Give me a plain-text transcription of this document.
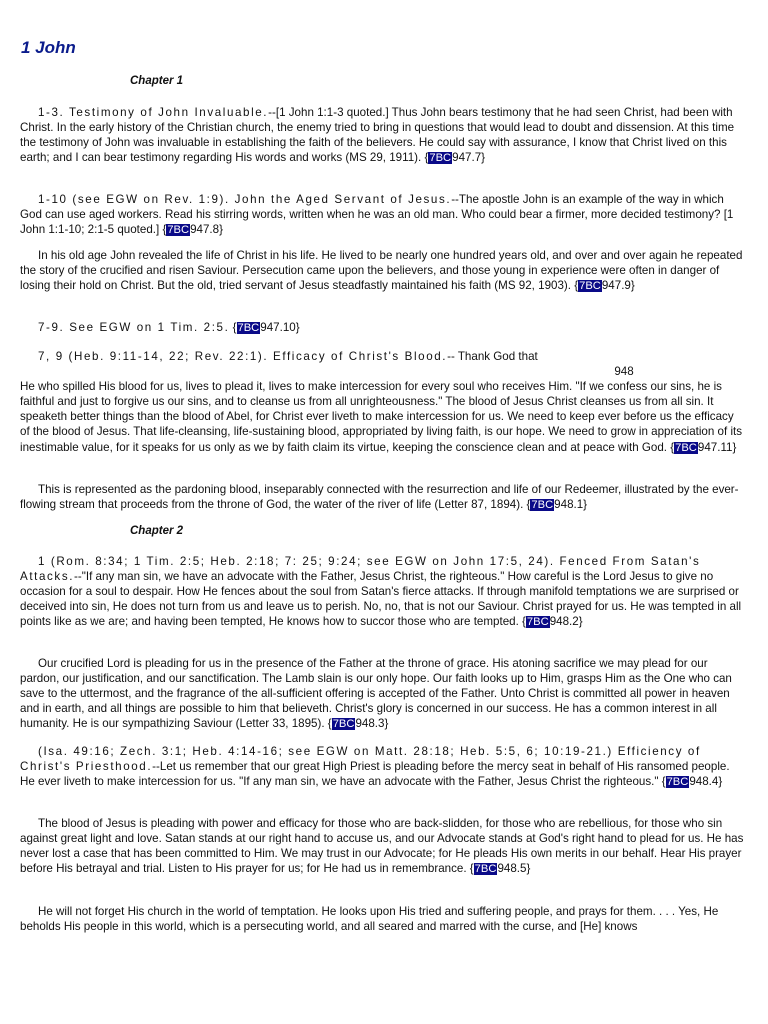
1 John
Chapter 1

1-3. Testimony of John Invaluable.--[1 John 1:1-3 quoted.] Thus John bears testimony that he had seen Christ, had been with Christ. In the early history of the Christian church, the enemy tried to bring in questions that would lead to doubt and dissension. At this time the testimony of John was invaluable in establishing the faith of the believers. He could say with assurance, I know that Christ lived on this earth; and I can bear testimony regarding His words and works (MS 29, 1911). {7BC947.7}

1-10 (see EGW on Rev. 1:9). John the Aged Servant of Jesus.--The apostle John is an example of the way in which God can use aged workers. Read his stirring words, written when he was an old man. Who could bear a firmer, more decided testimony? [1 John 1:1-10; 2:1-5 quoted.] {7BC947.8}

In his old age John revealed the life of Christ in his life. He lived to be nearly one hundred years old, and over and over again he repeated the story of the crucified and risen Saviour. Persecution came upon the believers, and those young in experience were often in danger of losing their hold on Christ. But the old, tried servant of Jesus steadfastly maintained his faith (MS 92, 1903). {7BC947.9}

7-9. See EGW on 1 Tim. 2:5. {7BC947.10}

7, 9 (Heb. 9:11-14, 22; Rev. 22:1). Efficacy of Christ's Blood.-- Thank God that
948
He who spilled His blood for us, lives to plead it, lives to make intercession for every soul who receives Him. "If we confess our sins, he is faithful and just to forgive us our sins, and to cleanse us from all unrighteousness." The blood of Jesus Christ cleanses us from all sin. It speaketh better things than the blood of Abel, for Christ ever liveth to make intercession for us. We need to keep ever before us the efficacy of the blood of Jesus. That life-cleansing, life-sustaining blood, appropriated by living faith, is our hope. We need to grow in appreciation of its inestimable value, for it speaks for us only as we by faith claim its virtue, keeping the conscience clean and at peace with God. {7BC947.11}

This is represented as the pardoning blood, inseparably connected with the resurrection and life of our Redeemer, illustrated by the ever-flowing stream that proceeds from the throne of God, the water of the river of life (Letter 87, 1894). {7BC948.1}

Chapter 2

1 (Rom. 8:34; 1 Tim. 2:5; Heb. 2:18; 7: 25; 9:24; see EGW on John 17:5, 24). Fenced From Satan's Attacks.--"If any man sin, we have an advocate with the Father, Jesus Christ, the righteous." How careful is the Lord Jesus to give no occasion for a soul to despair. How He fences about the soul from Satan's fierce attacks. If through manifold temptations we are surprised or deceived into sin, He does not turn from us and leave us to perish. No, no, that is not our Saviour. Christ prayed for us. He was tempted in all points like as we are; and having been tempted, He knows how to succor those who are tempted. {7BC948.2}

Our crucified Lord is pleading for us in the presence of the Father at the throne of grace. His atoning sacrifice we may plead for our pardon, our justification, and our sanctification. The Lamb slain is our only hope. Our faith looks up to Him, grasps Him as the One who can save to the uttermost, and the fragrance of the all-sufficient offering is accepted of the Father. Unto Christ is committed all power in heaven and in earth, and all things are possible to him that believeth. Christ's glory is concerned in our success. He has a common interest in all humanity. He is our sympathizing Saviour (Letter 33, 1895). {7BC948.3}

(Isa. 49:16; Zech. 3:1; Heb. 4:14-16; see EGW on Matt. 28:18; Heb. 5:5, 6; 10:19-21.) Efficiency of Christ's Priesthood.--Let us remember that our great High Priest is pleading before the mercy seat in behalf of His ransomed people. He ever liveth to make intercession for us. "If any man sin, we have an advocate with the Father, Jesus Christ the righteous." {7BC948.4}

The blood of Jesus is pleading with power and efficacy for those who are back-slidden, for those who are rebellious, for those who sin against great light and love. Satan stands at our right hand to accuse us, and our Advocate stands at God's right hand to plead for us. He has never lost a case that has been committed to Him. We may trust in our Advocate; for He pleads His own merits in our behalf. Hear His prayer before His betrayal and trial. Listen to His prayer for us; for He had us in remembrance. {7BC948.5}

He will not forget His church in the world of temptation. He looks upon His tried and suffering people, and prays for them. . . . Yes, He beholds His people in this world, which is a persecuting world, and all seared and marred with the curse, and [He] knows
